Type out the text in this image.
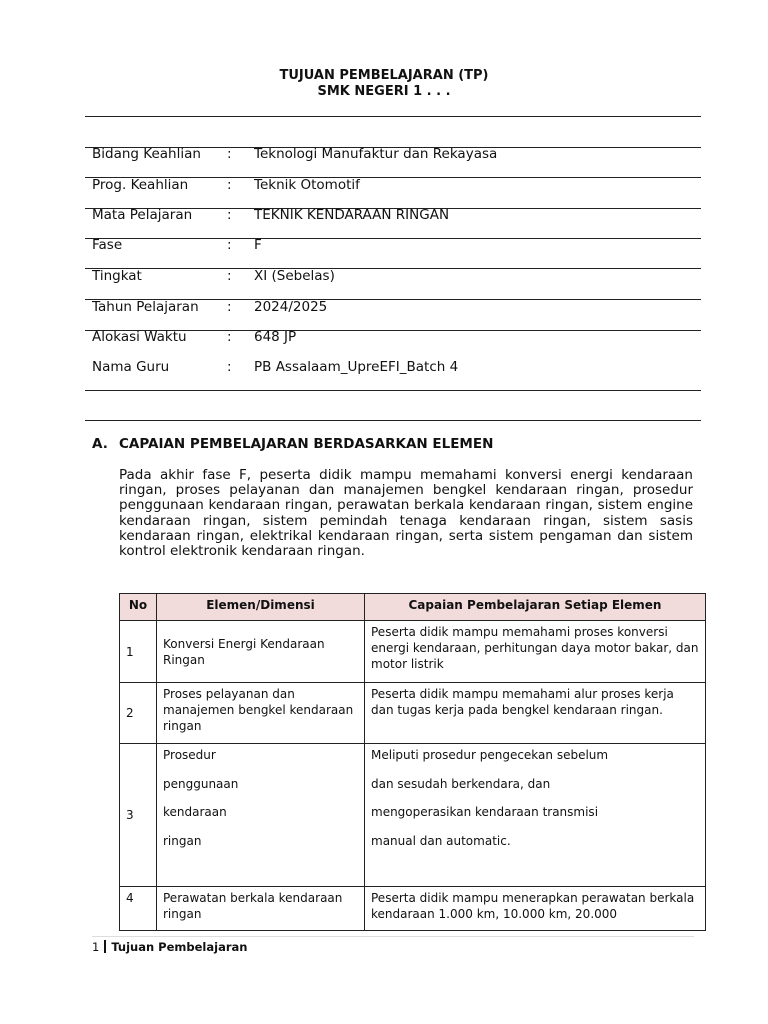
TUJUAN PEMBELAJARAN (TP)
SMK NEGERI 1 . . .
Bidang Keahlian : Teknologi Manufaktur dan Rekayasa
Prog. Keahlian	: Teknik Otomotif
Mata Pelajaran	: TEKNIK KENDARAAN RINGAN
Fase	: F
Tingkat	: XI (Sebelas)
Tahun Pelajaran : 2024/2025
Alokasi Waktu	: 648 JP
Nama Guru	: PB Assalaam_UpreEFI_Batch 4
A. CAPAIAN PEMBELAJARAN BERDASARKAN ELEMEN
Pada akhir fase F, peserta didik mampu memahami konversi energi kendaraan ringan, proses pelayanan dan manajemen bengkel kendaraan ringan, prosedur penggunaan kendaraan ringan, perawatan berkala kendaraan ringan, sistem engine kendaraan ringan, sistem pemindah tenaga kendaraan ringan, sistem sasis kendaraan ringan, elektrikal kendaraan ringan, serta sistem pengaman dan sistem kontrol elektronik kendaraan ringan.
No	Elemen/Dimensi	Capaian Pembelajaran Setiap Elemen
1	Konversi Energi Kendaraan Ringan	Peserta didik mampu memahami proses konversi energi kendaraan, perhitungan daya motor bakar, dan motor listrik
2	Proses pelayanan dan manajemen bengkel kendaraan ringan	Peserta didik mampu memahami alur proses kerja dan tugas kerja pada bengkel kendaraan ringan.
3	Prosedur
penggunaan
kendaraan
ringan	Meliputi prosedur pengecekan sebelum
dan sesudah berkendara, dan
mengoperasikan kendaraan transmisi
manual dan automatic.

4	Perawatan berkala kendaraan ringan	Peserta didik mampu menerapkan perawatan berkala kendaraan 1.000 km, 10.000 km, 20.000
1 Tujuan Pembelajaran
